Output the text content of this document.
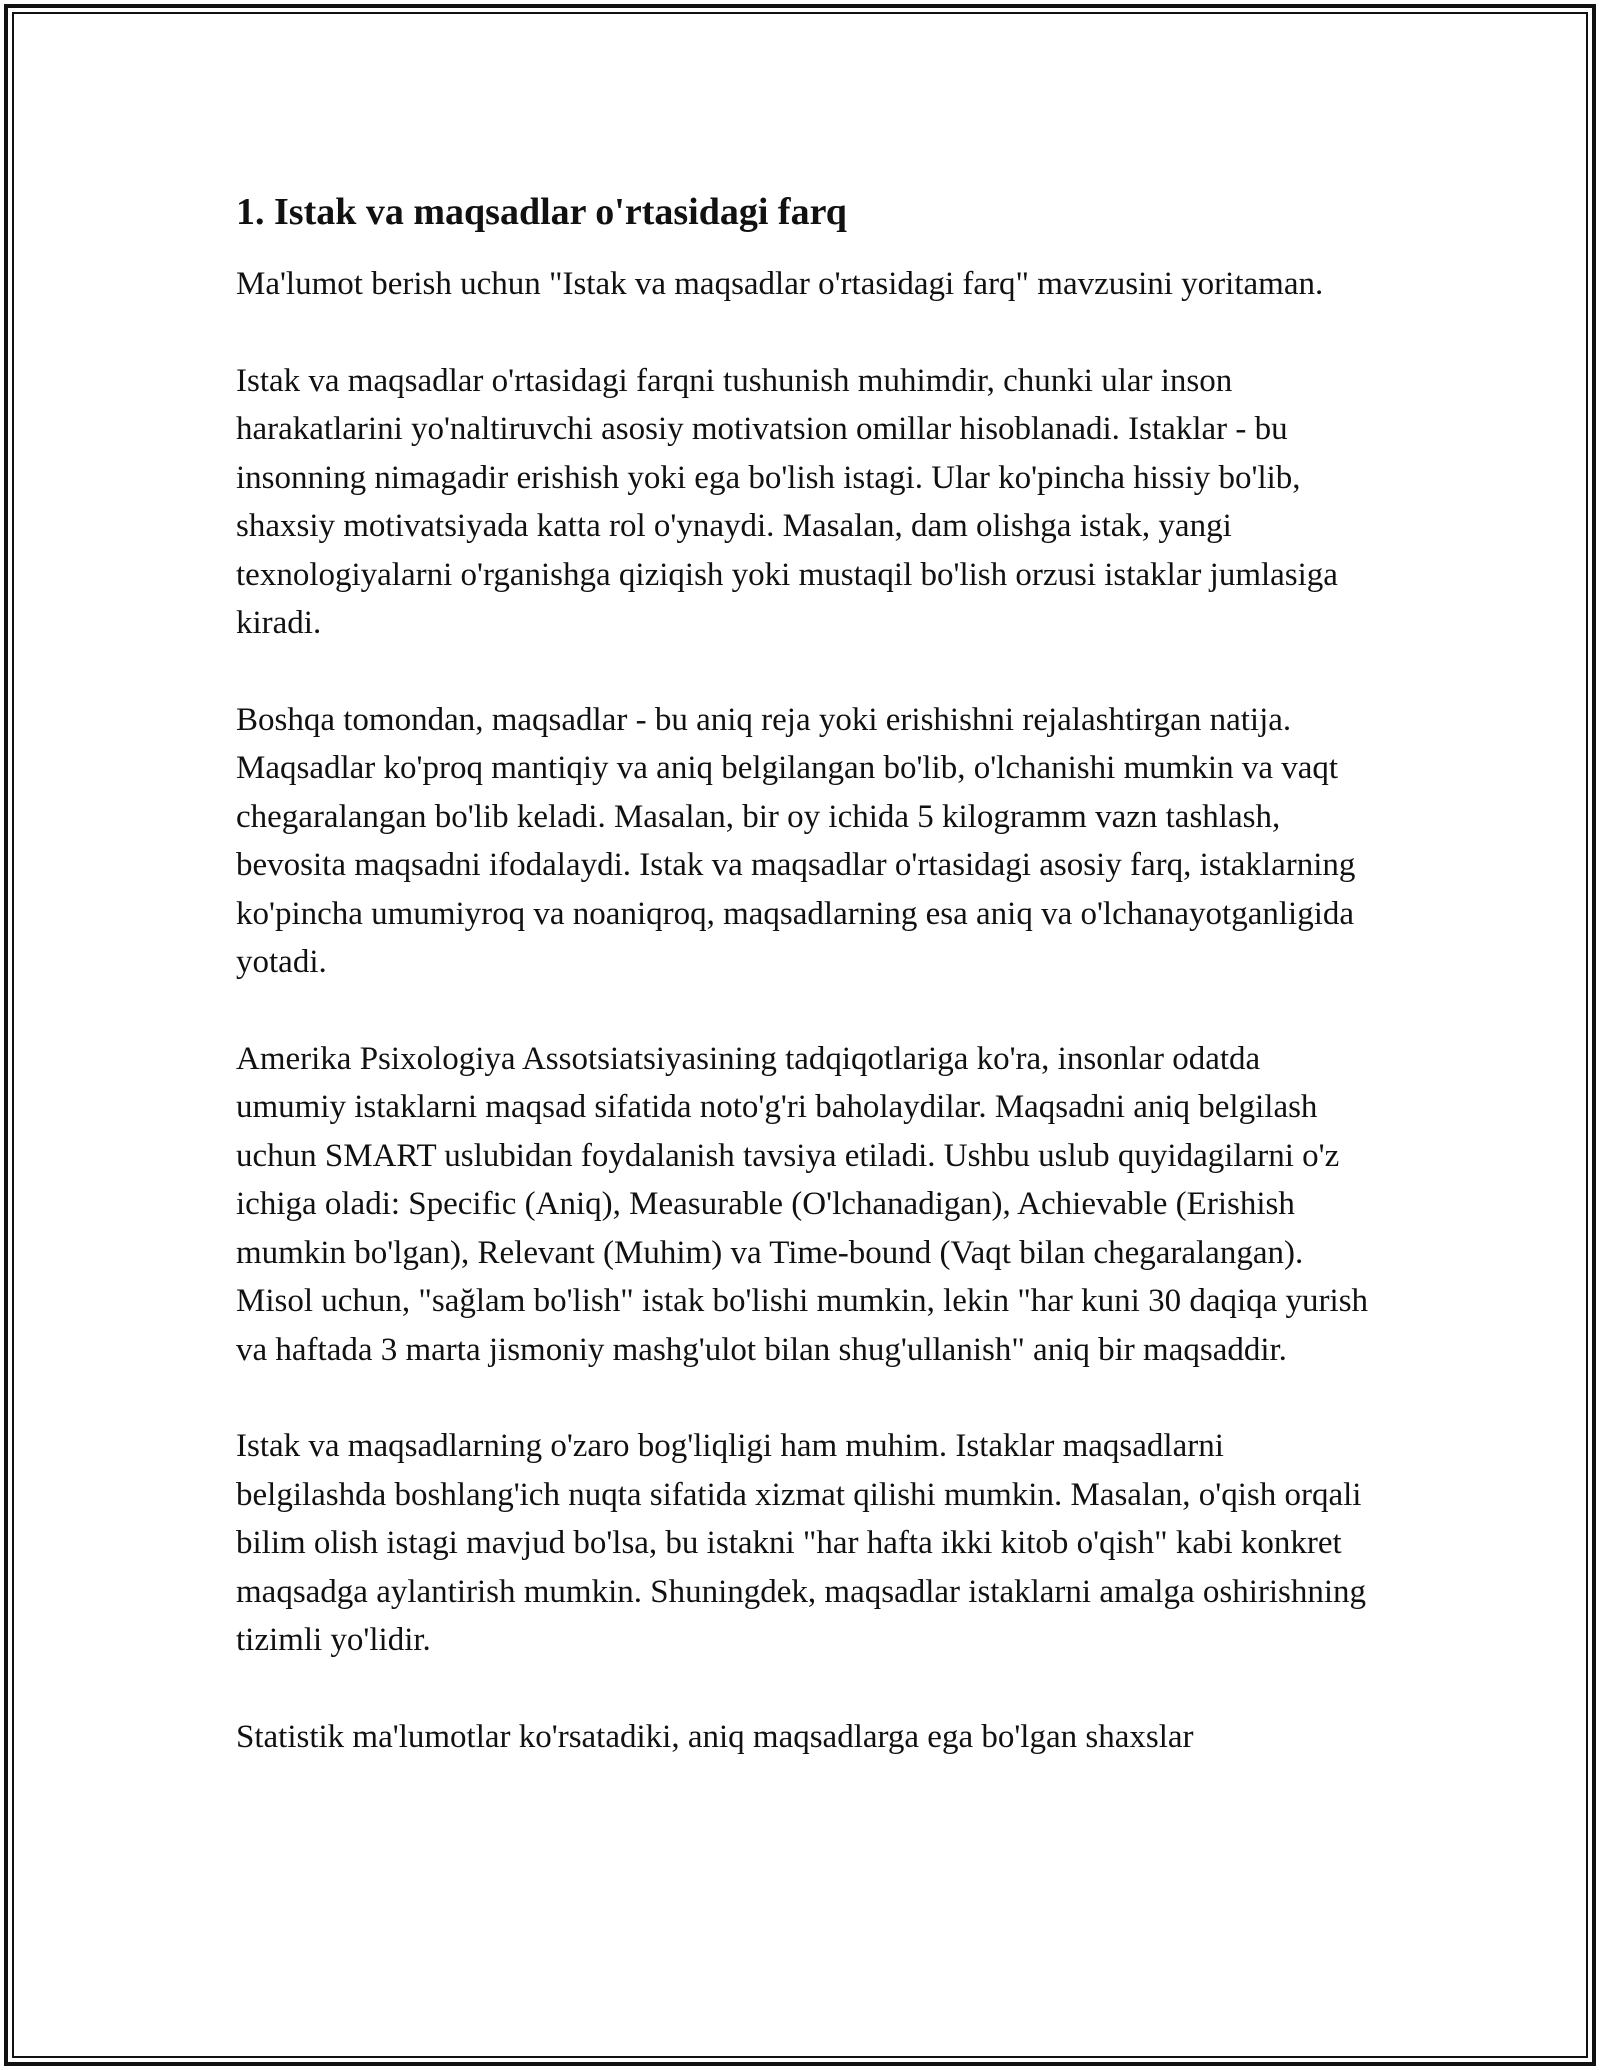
1. Istak va maqsadlar o'rtasidagi farq

Ma'lumot berish uchun "Istak va maqsadlar o'rtasidagi farq" mavzusini yoritaman.

Istak va maqsadlar o'rtasidagi farqni tushunish muhimdir, chunki ular inson harakatlarini yo'naltiruvchi asosiy motivatsion omillar hisoblanadi. Istaklar - bu insonning nimagadir erishish yoki ega bo'lish istagi. Ular ko'pincha hissiy bo'lib, shaxsiy motivatsiyada katta rol o'ynaydi. Masalan, dam olishga istak, yangi texnologiyalarni o'rganishga qiziqish yoki mustaqil bo'lish orzusi istaklar jumlasiga kiradi.

Boshqa tomondan, maqsadlar - bu aniq reja yoki erishishni rejalashtirgan natija. Maqsadlar ko'proq mantiqiy va aniq belgilangan bo'lib, o'lchanishi mumkin va vaqt chegaralangan bo'lib keladi. Masalan, bir oy ichida 5 kilogramm vazn tashlash, bevosita maqsadni ifodalaydi. Istak va maqsadlar o'rtasidagi asosiy farq, istaklarning ko'pincha umumiyroq va noaniqroq, maqsadlarning esa aniq va o'lchanayotganligida yotadi.

Amerika Psixologiya Assotsiatsiyasining tadqiqotlariga ko'ra, insonlar odatda umumiy istaklarni maqsad sifatida noto'g'ri baholaydilar. Maqsadni aniq belgilash uchun SMART uslubidan foydalanish tavsiya etiladi. Ushbu uslub quyidagilarni o'z ichiga oladi: Specific (Aniq), Measurable (O'lchanadigan), Achievable (Erishish mumkin bo'lgan), Relevant (Muhim) va Time-bound (Vaqt bilan chegaralangan). Misol uchun, "sağlam bo'lish" istak bo'lishi mumkin, lekin "har kuni 30 daqiqa yurish va haftada 3 marta jismoniy mashg'ulot bilan shug'ullanish" aniq bir maqsaddir.

Istak va maqsadlarning o'zaro bog'liqligi ham muhim. Istaklar maqsadlarni belgilashda boshlang'ich nuqta sifatida xizmat qilishi mumkin. Masalan, o'qish orqali bilim olish istagi mavjud bo'lsa, bu istakni "har hafta ikki kitob o'qish" kabi konkret maqsadga aylantirish mumkin. Shuningdek, maqsadlar istaklarni amalga oshirishning tizimli yo'lidir.

Statistik ma'lumotlar ko'rsatadiki, aniq maqsadlarga ega bo'lgan shaxslar
